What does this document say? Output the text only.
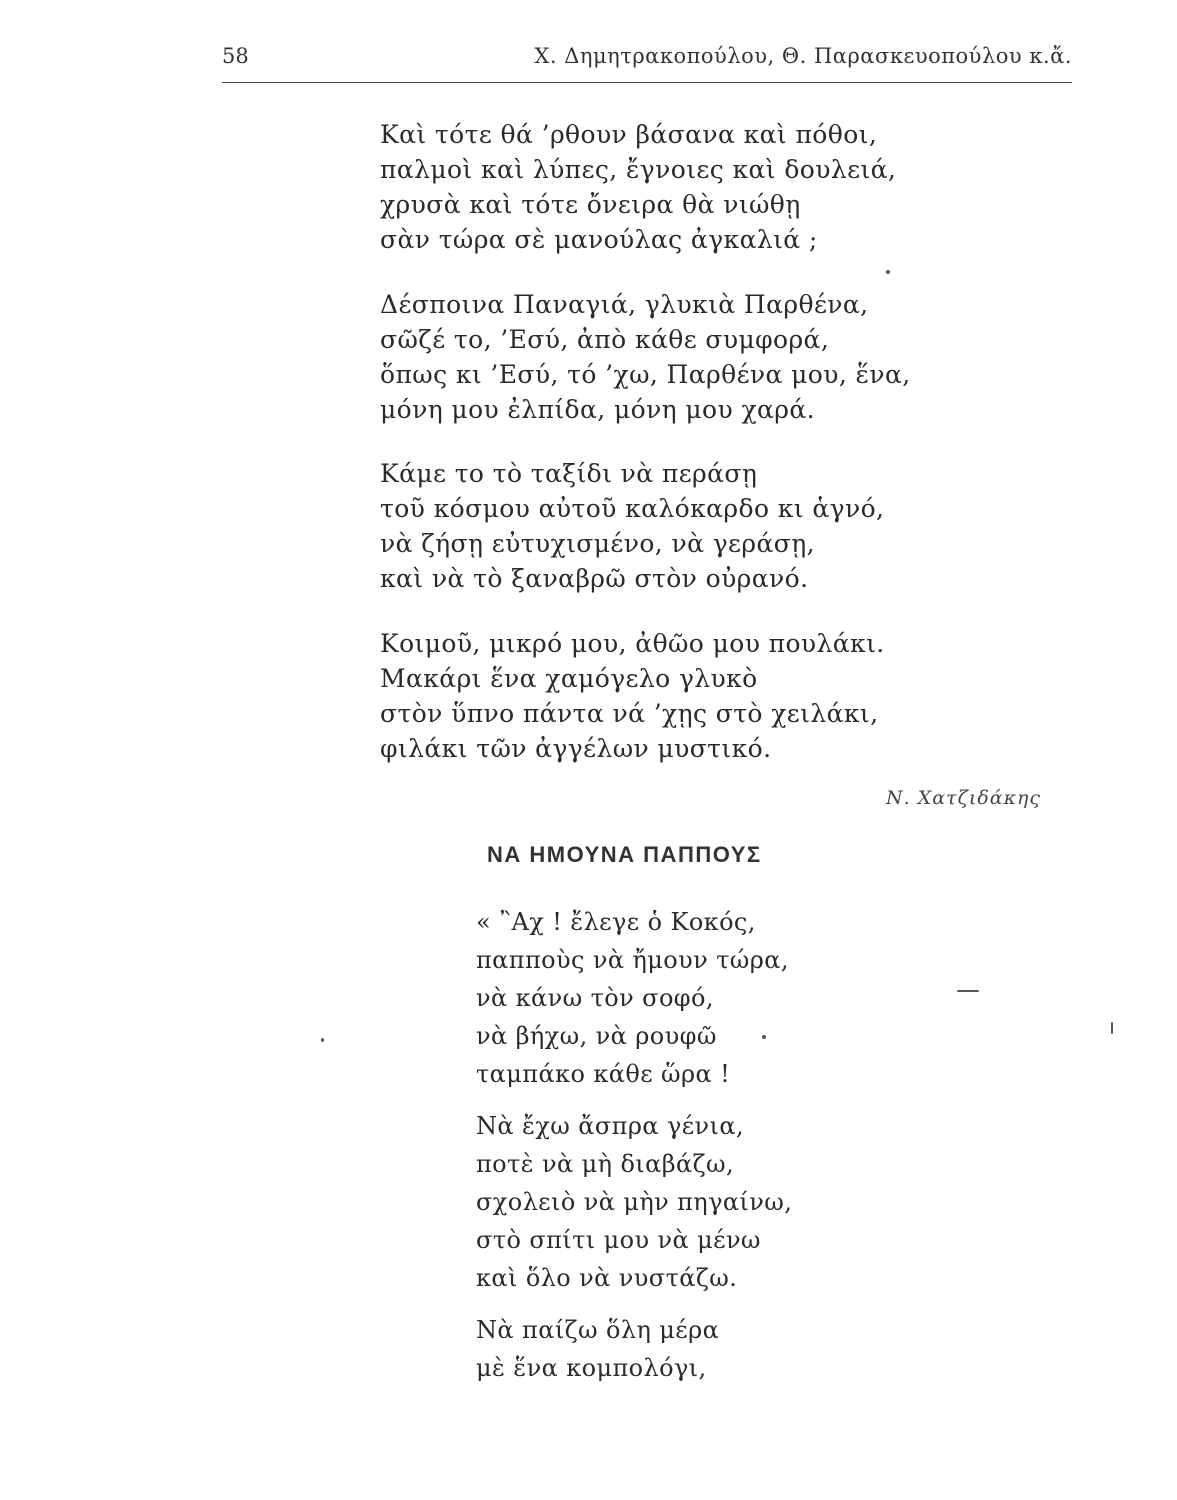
58	Χ. Δημητρακοπούλου, Θ. Παρασκευοπούλου κ.ἄ.
Καὶ τότε θά ’ρθουν βάσανα καὶ πόθοι,
παλμοὶ καὶ λύπες, ἔγνοιες καὶ δουλειά,
χρυσὰ καὶ τότε ὄνειρα θὰ νιώθῃ
σὰν τώρα σὲ μανούλας ἀγκαλιά ;
Δέσποινα Παναγιά, γλυκιὰ Παρθένα,
σῶζέ το, ’Εσύ, ἀπὸ κάθε συμφορά,
ὅπως κι ’Εσύ, τό ’χω, Παρθένα μου, ἕνα,
μόνη μου ἐλπίδα, μόνη μου χαρά.
Κάμε το τὸ ταξίδι νὰ περάσῃ
τοῦ κόσμου αὐτοῦ καλόκαρδο κι ἁγνό,
νὰ ζήσῃ εὐτυχισμένο, νὰ γεράσῃ,
καὶ νὰ τὸ ξαναβρῶ στὸν οὐρανό.
Κοιμοῦ, μικρό μου, ἀθῶο μου πουλάκι.
Μακάρι ἕνα χαμόγελο γλυκὸ
στὸν ὕπνο πάντα νά ’χῃς στὸ χειλάκι,
φιλάκι τῶν ἀγγέλων μυστικό.
Ν. Χατζιδάκης
ΝΑ ΗΜΟΥΝΑ ΠΑΠΠΟΥΣ
« ῍Αχ ! ἔλεγε ὁ Κοκός,
παπποὺς νὰ ἤμουν τώρα,
νὰ κάνω τὸν σοφό,
νὰ βήχω, νὰ ρουφῶ
ταμπάκο κάθε ὥρα !
Νὰ ἔχω ἄσπρα γένια,
ποτὲ νὰ μὴ διαβάζω,
σχολειὸ νὰ μὴν πηγαίνω,
στὸ σπίτι μου νὰ μένω
καὶ ὅλο νὰ νυστάζω.
Νὰ παίζω ὅλη μέρα
μὲ ἕνα κομπολόγι,
